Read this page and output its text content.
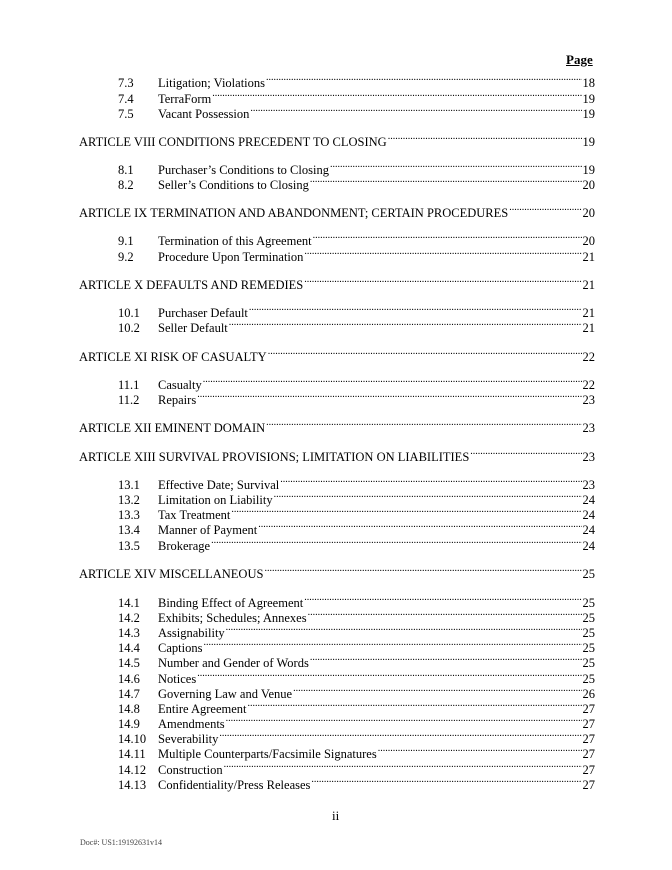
Page
7.3	Litigation; Violations .....	18
7.4	TerraForm .....	19
7.5	Vacant Possession .....	19
ARTICLE VIII CONDITIONS PRECEDENT TO CLOSING .....	19
8.1	Purchaser’s Conditions to Closing .....	19
8.2	Seller’s Conditions to Closing .....	20
ARTICLE IX TERMINATION AND ABANDONMENT; CERTAIN PROCEDURES .....	20
9.1	Termination of this Agreement .....	20
9.2	Procedure Upon Termination .....	21
ARTICLE X DEFAULTS AND REMEDIES .....	21
10.1	Purchaser Default .....	21
10.2	Seller Default .....	21
ARTICLE XI RISK OF CASUALTY .....	22
11.1	Casualty .....	22
11.2	Repairs .....	23
ARTICLE XII EMINENT DOMAIN .....	23
ARTICLE XIII SURVIVAL PROVISIONS; LIMITATION ON LIABILITIES .....	23
13.1	Effective Date; Survival .....	23
13.2	Limitation on Liability .....	24
13.3	Tax Treatment .....	24
13.4	Manner of Payment .....	24
13.5	Brokerage .....	24
ARTICLE XIV MISCELLANEOUS .....	25
14.1	Binding Effect of Agreement .....	25
14.2	Exhibits; Schedules; Annexes .....	25
14.3	Assignability .....	25
14.4	Captions .....	25
14.5	Number and Gender of Words .....	25
14.6	Notices .....	25
14.7	Governing Law and Venue .....	26
14.8	Entire Agreement .....	27
14.9	Amendments .....	27
14.10 Severability .....	27
14.11 Multiple Counterparts/Facsimile Signatures .....	27
14.12 Construction .....	27
14.13 Confidentiality/Press Releases .....	27
ii
Doc#: US1:19192631v14
